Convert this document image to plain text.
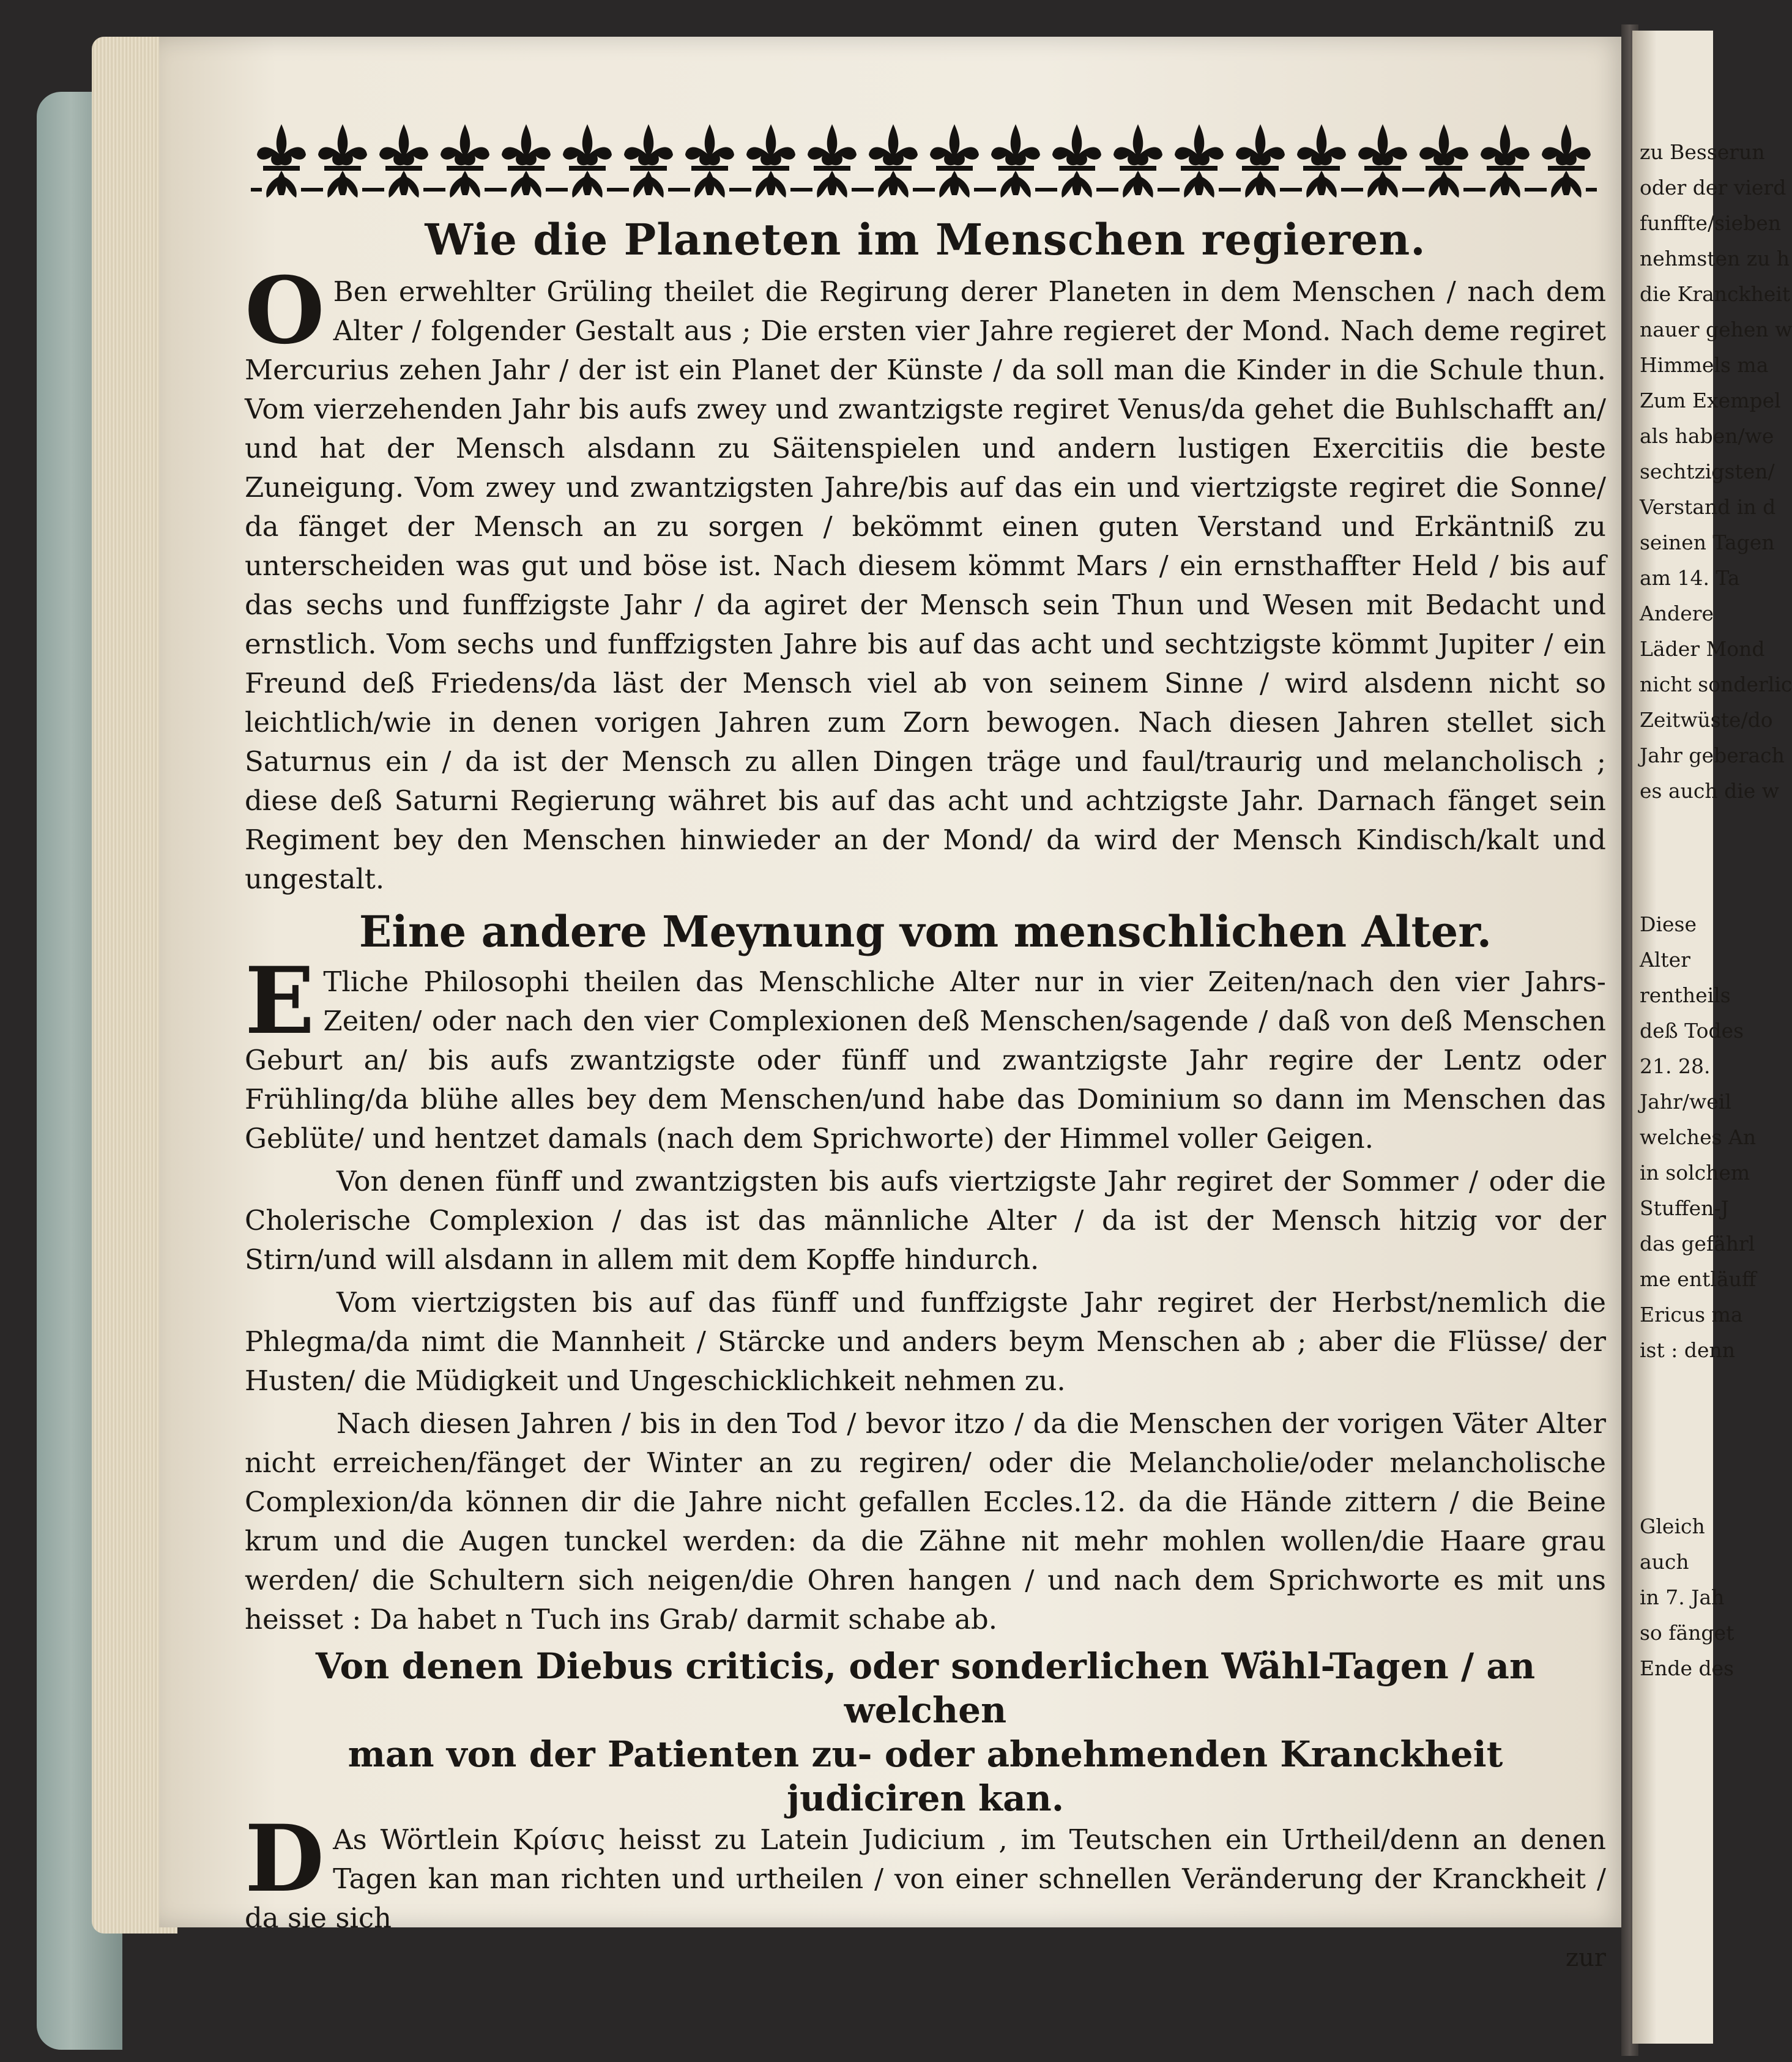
Wie die Planeten im Menschen regieren.

O Ben erwehlter Grüling theilet die Regirung derer Planeten in dem Menschen / nach dem Alter / folgender Gestalt aus ; Die ersten vier Jahre regieret der Mond. Nach deme regiret Mercurius zehen Jahr / der ist ein Planet der Künste / da soll man die Kinder in die Schule thun. Vom vierzehenden Jahr bis aufs zwey und zwantzigste regiret Venus/da gehet die Buhlschafft an/ und hat der Mensch alsdann zu Säitenspielen und andern lustigen Exercitiis die beste Zuneigung. Vom zwey und zwantzigsten Jahre/bis auf das ein und viertzigste regiret die Sonne/ da fänget der Mensch an zu sorgen / bekömmt einen guten Verstand und Erkäntniß zu unterscheiden was gut und böse ist. Nach diesem kömmt Mars / ein ernsthaffter Held / bis auf das sechs und funffzigste Jahr / da agiret der Mensch sein Thun und Wesen mit Bedacht und ernstlich. Vom sechs und funffzigsten Jahre bis auf das acht und sechtzigste kömmt Jupiter / ein Freund deß Friedens/da läst der Mensch viel ab von seinem Sinne / wird alsdenn nicht so leichtlich/wie in denen vorigen Jahren zum Zorn bewogen. Nach diesen Jahren stellet sich Saturnus ein / da ist der Mensch zu allen Dingen träge und faul/traurig und melancholisch ; diese deß Saturni Regierung währet bis auf das acht und achtzigste Jahr. Darnach fänget sein Regiment bey den Menschen hinwieder an der Mond/ da wird der Mensch Kindisch/kalt und ungestalt.

Eine andere Meynung vom menschlichen Alter.

E Tliche Philosophi theilen das Menschliche Alter nur in vier Zeiten/nach den vier Jahrs-Zeiten/ oder nach den vier Complexionen deß Menschen/sagende / daß von deß Menschen Geburt an/ bis aufs zwantzigste oder fünff und zwantzigste Jahr regire der Lentz oder Frühling/da blühe alles bey dem Menschen/und habe das Dominium so dann im Menschen das Geblüte/ und hentzet damals (nach dem Sprichworte) der Himmel voller Geigen.

Von denen fünff und zwantzigsten bis aufs viertzigste Jahr regiret der Sommer / oder die Cholerische Complexion / das ist das männliche Alter / da ist der Mensch hitzig vor der Stirn/und will alsdann in allem mit dem Kopffe hindurch.

Vom viertzigsten bis auf das fünff und funffzigste Jahr regiret der Herbst/nemlich die Phlegma/da nimt die Mannheit / Stärcke und anders beym Menschen ab ; aber die Flüsse/ der Husten/ die Müdigkeit und Ungeschicklichkeit nehmen zu.

Nach diesen Jahren / bis in den Tod / bevor itzo / da die Menschen der vorigen Väter Alter nicht erreichen/fänget der Winter an zu regiren/ oder die Melancholie/oder melancholische Complexion/da können dir die Jahre nicht gefallen Eccles.12. da die Hände zittern / die Beine krum und die Augen tunckel werden: da die Zähne nit mehr mohlen wollen/die Haare grau werden/ die Schultern sich neigen/die Ohren hangen / und nach dem Sprichworte es mit uns heisset : Da habet n Tuch ins Grab/ darmit schabe ab.

Von denen Diebus criticis, oder sonderlichen Wähl-Tagen / an welchen
man von der Patienten zu- oder abnehmenden Kranckheit
judiciren kan.

D As Wörtlein Κρίσις heisst zu Latein Judicium , im Teutschen ein Urtheil/denn an denen Tagen kan man richten und urtheilen / von einer schnellen Veränderung der Kranckheit / da sie sich

zur
zu Besserun
oder der vierd
funffte/sieben
nehmsten zu h
die Kranckheit
nauer gehen w
Himmels ma
Zum Exempel
als haben/we
sechtzigsten/
Verstand in d
seinen Tagen
am 14. Ta
Andere
Läder Mond
nicht sonderlic
Zeitwüste/do
Jahr geberach
es auch die w
Diese
Alter
rentheils
deß Todes
21. 28.
Jahr/weil
welches An
in solchem
Stuffen-J
das gefährl
me entläuff
Ericus ma
ist : denn
Gleich
auch
in 7. Jah
so fänget
Ende des
